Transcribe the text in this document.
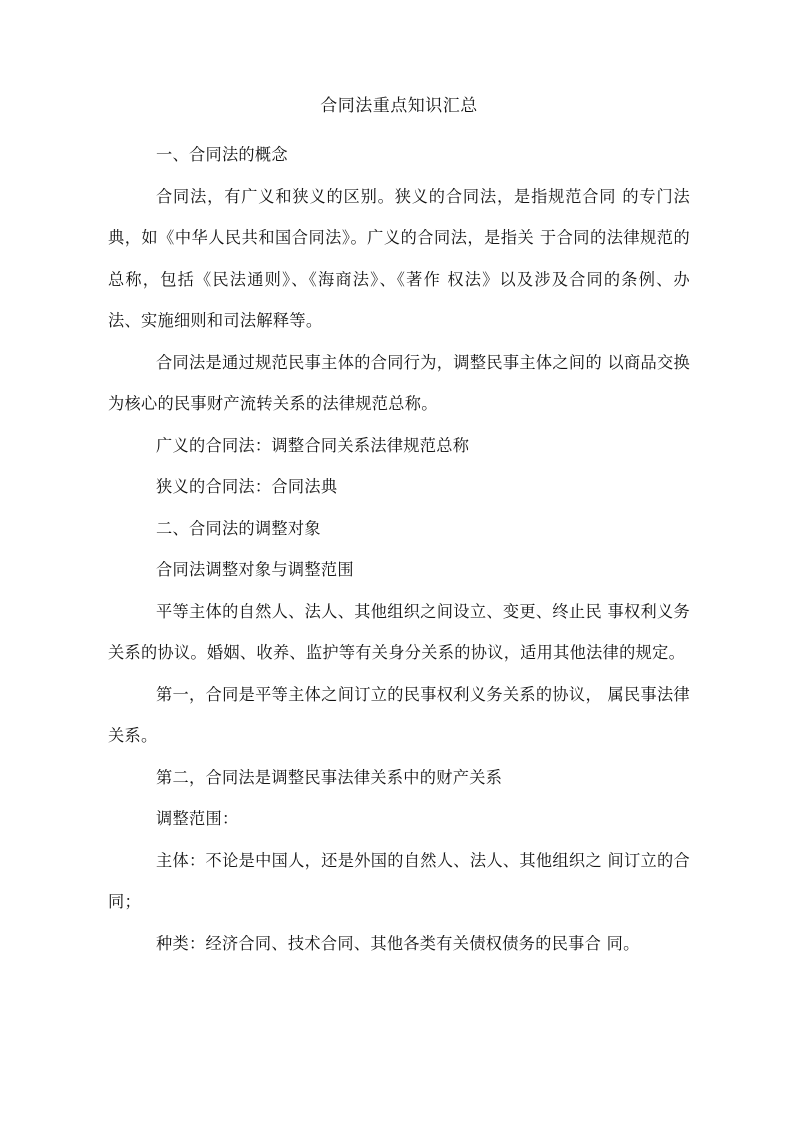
合同法重点知识汇总

一、合同法的概念

合同法，有广义和狭义的区别。狭义的合同法，是指规范合同 的专门法典，如《中华人民共和国合同法》。广义的合同法，是指关 于合同的法律规范的总称，包括《民法通则》、《海商法》、《著作 权法》以及涉及合同的条例、办法、实施细则和司法解释等。

合同法是通过规范民事主体的合同行为，调整民事主体之间的 以商品交换为核心的民事财产流转关系的法律规范总称。

广义的合同法：调整合同关系法律规范总称

狭义的合同法：合同法典

二、合同法的调整对象

合同法调整对象与调整范围

平等主体的自然人、法人、其他组织之间设立、变更、终止民 事权利义务关系的协议。婚姻、收养、监护等有关身分关系的协议，适用其他法律的规定。

第一，合同是平等主体之间订立的民事权利义务关系的协议， 属民事法律关系。

第二，合同法是调整民事法律关系中的财产关系

调整范围：

主体：不论是中国人，还是外国的自然人、法人、其他组织之 间订立的合同；

种类：经济合同、技术合同、其他各类有关债权债务的民事合 同。
